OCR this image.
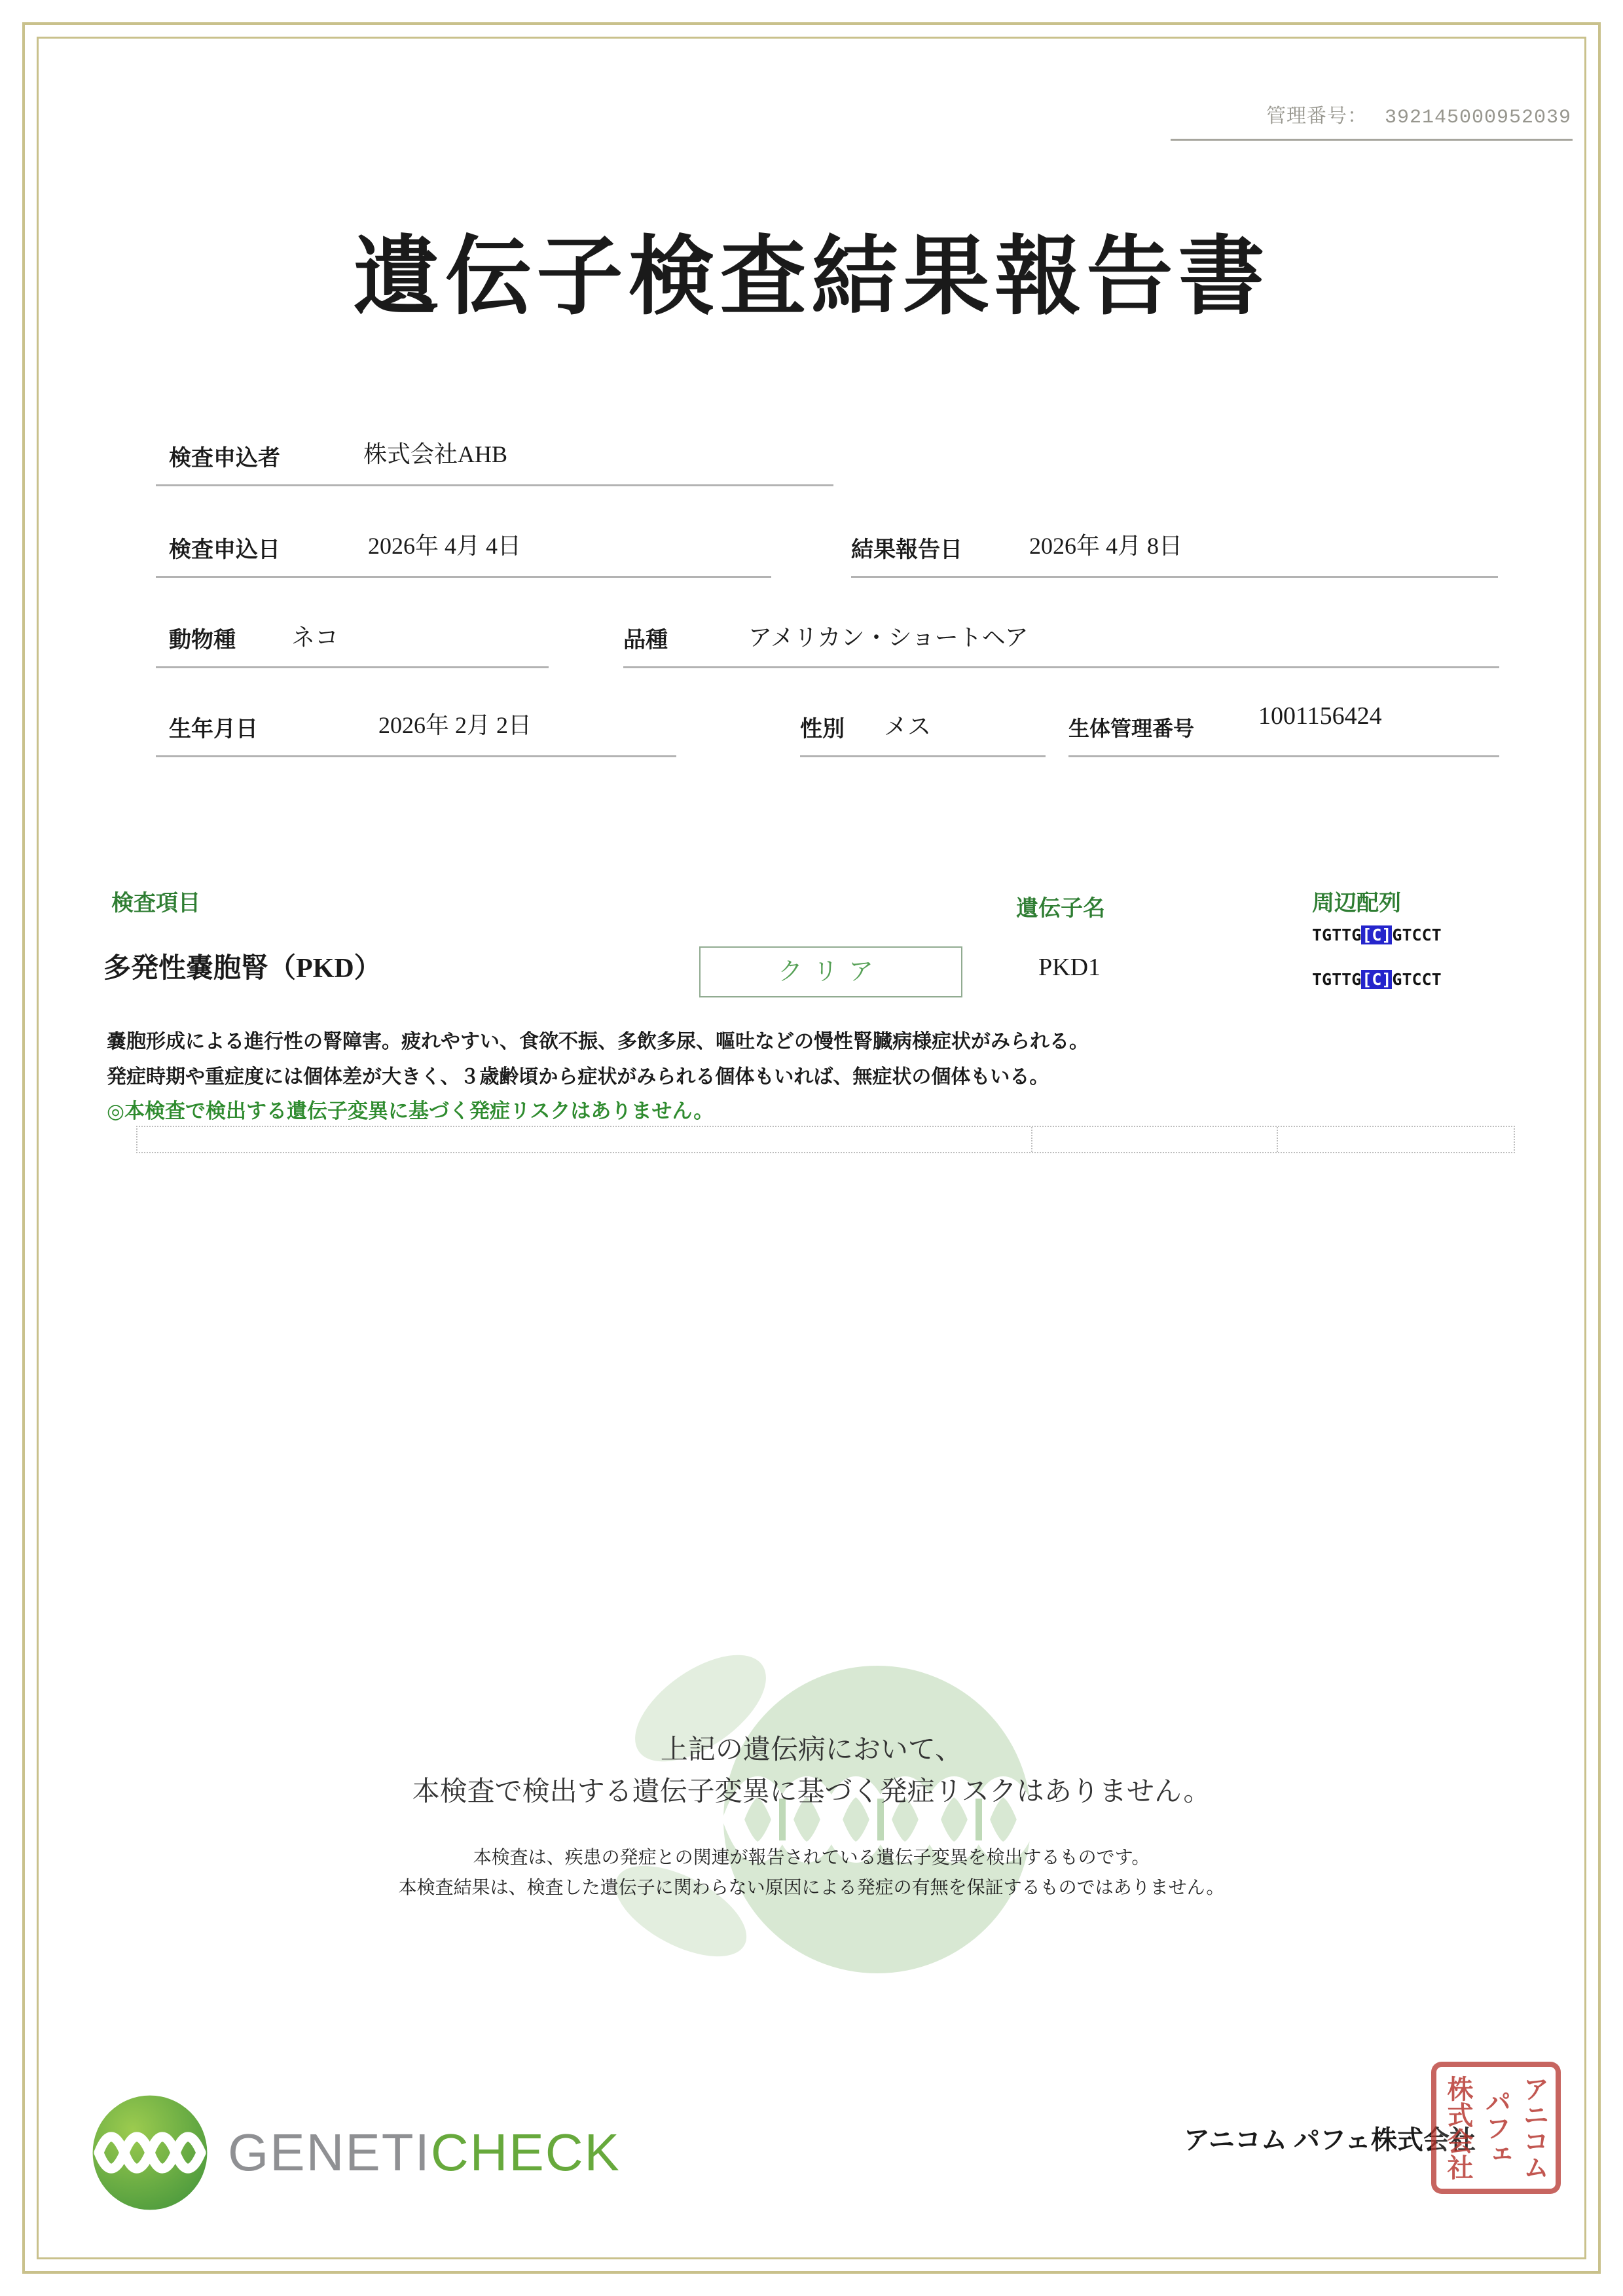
管理番号： 392145000952039
遺伝子検査結果報告書
検査申込者	株式会社AHB
検査申込日	2026年 4月 4日	結果報告日	2026年 4月 8日
動物種 ネコ	品種	アメリカン・ショートヘア
生年月日	2026年 2月 2日	性別 メス	生体管理番号	1001156424
検査項目	遺伝子名	周辺配列
多発性嚢胞腎（PKD）	クリア	PKD1
TGTTG[C]GTCCT
TGTTG[C]GTCCT
嚢胞形成による進行性の腎障害。疲れやすい、食欲不振、多飲多尿、嘔吐などの慢性腎臓病様症状がみられる。
発症時期や重症度には個体差が大きく、３歳齢頃から症状がみられる個体もいれば、無症状の個体もいる。
◎本検査で検出する遺伝子変異に基づく発症リスクはありません。
上記の遺伝病において、
本検査で検出する遺伝子変異に基づく発症リスクはありません。
本検査は、疾患の発症との関連が報告されている遺伝子変異を検出するものです。
本検査結果は、検査した遺伝子に関わらない原因による発症の有無を保証するものではありません。
GENETICHECK	アニコム パフェ株式会社 アニコム
パフェ
株式会社
